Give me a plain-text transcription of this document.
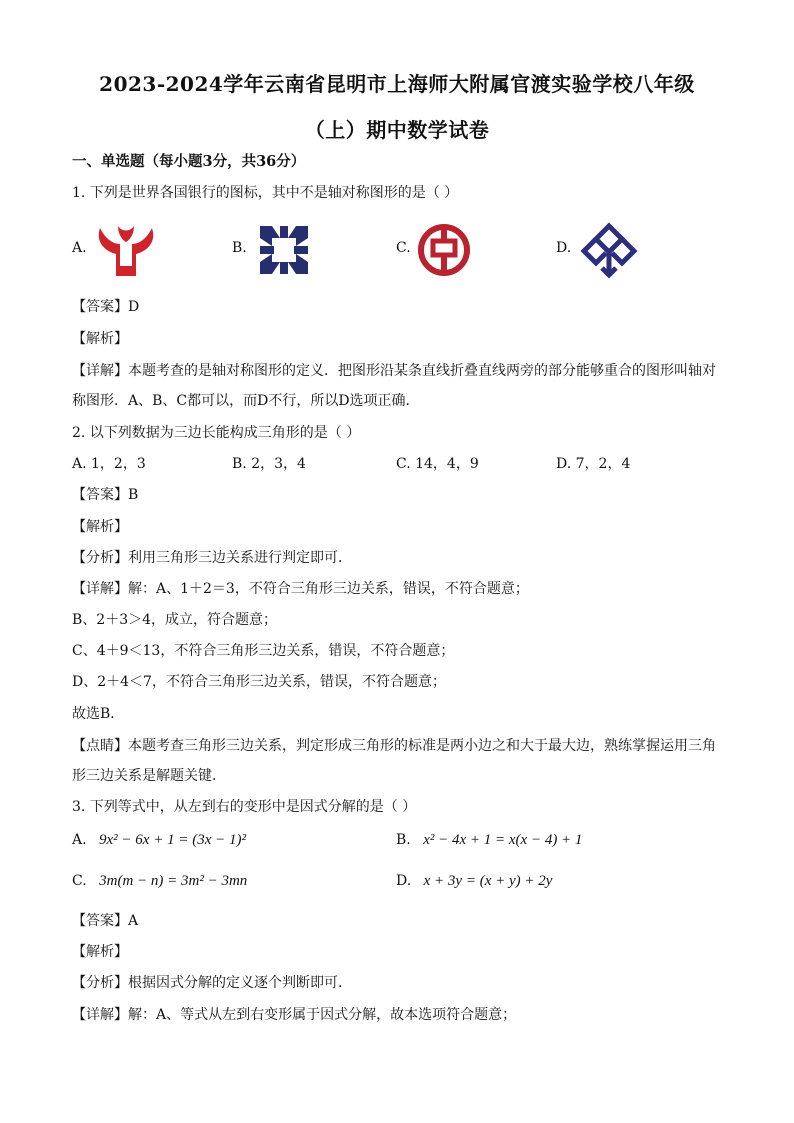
2023-2024学年云南省昆明市上海师大附属官渡实验学校八年级
（上）期中数学试卷
一、单选题（每小题3分，共36分）
1. 下列是世界各国银行的图标，其中不是轴对称图形的是（ ）
A.	B.	C.	D.
【答案】D
【解析】
【详解】本题考查的是轴对称图形的定义．把图形沿某条直线折叠直线两旁的部分能够重合的图形叫轴对
称图形．A、B、C都可以，而D不行，所以D选项正确．
2. 以下列数据为三边长能构成三角形的是（ ）
A. 1，2，3	B. 2，3，4	C. 14，4，9	D. 7，2，4
【答案】B
【解析】
【分析】利用三角形三边关系进行判定即可．
【详解】解：A、1＋2＝3，不符合三角形三边关系，错误，不符合题意；
B、2＋3＞4，成立，符合题意；
C、4＋9＜13，不符合三角形三边关系，错误，不符合题意；
D、2＋4＜7，不符合三角形三边关系，错误，不符合题意；
故选B．
【点睛】本题考查三角形三边关系，判定形成三角形的标准是两小边之和大于最大边，熟练掌握运用三角
形三边关系是解题关键．
3. 下列等式中，从左到右的变形中是因式分解的是（ ）
A. 9x² − 6x + 1 = (3x − 1)²	B. x² − 4x + 1 = x(x − 4) + 1
C. 3m(m − n) = 3m² − 3mn	D. x + 3y = (x + y) + 2y
【答案】A
【解析】
【分析】根据因式分解的定义逐个判断即可．
【详解】解：A、等式从左到右变形属于因式分解，故本选项符合题意；
